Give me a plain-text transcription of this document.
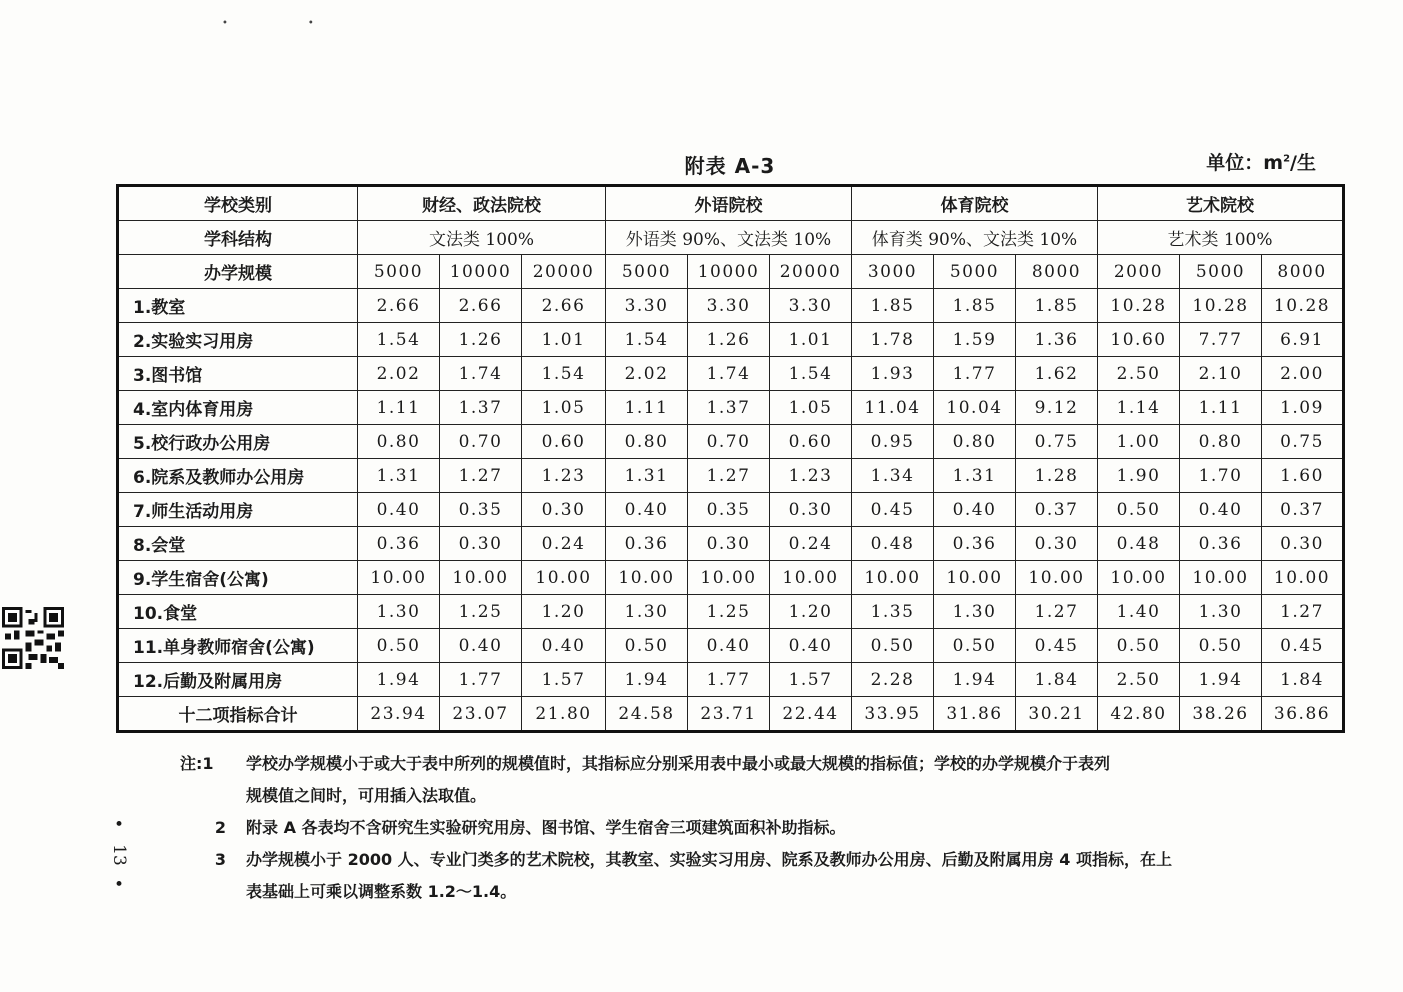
•	•
附表 A-3	单位：$m^2/$生
学校类别	财经、政法院校			外语院校			体育院校			艺术院校		
学科结构	文法类 100%			外语类 90%、文法类 10%			体育类 90%、文法类 10%			艺术类 100%		
办学规模	5000	10000	20000	5000	10000	20000	3000	5000	8000	2000	5000	8000
1.教室	2.66	2.66	2.66	3.30	3.30	3.30	1.85	1.85	1.85	10.28	10.28	10.28
2.实验实习用房	1.54	1.26	1.01	1.54	1.26	1.01	1.78	1.59	1.36	10.60	7.77	6.91
3.图书馆	2.02	1.74	1.54	2.02	1.74	1.54	1.93	1.77	1.62	2.50	2.10	2.00
4.室内体育用房	1.11	1.37	1.05	1.11	1.37	1.05	11.04	10.04	9.12	1.14	1.11	1.09
5.校行政办公用房	0.80	0.70	0.60	0.80	0.70	0.60	0.95	0.80	0.75	1.00	0.80	0.75
6.院系及教师办公用房	1.31	1.27	1.23	1.31	1.27	1.23	1.34	1.31	1.28	1.90	1.70	1.60
7.师生活动用房	0.40	0.35	0.30	0.40	0.35	0.30	0.45	0.40	0.37	0.50	0.40	0.37
8.会堂	0.36	0.30	0.24	0.36	0.30	0.24	0.48	0.36	0.30	0.48	0.36	0.30
9.学生宿舍(公寓)	10.00	10.00	10.00	10.00	10.00	10.00	10.00	10.00	10.00	10.00	10.00	10.00
10.食堂	1.30	1.25	1.20	1.30	1.25	1.20	1.35	1.30	1.27	1.40	1.30	1.27
11.单身教师宿舍(公寓)	0.50	0.40	0.40	0.50	0.40	0.40	0.50	0.50	0.45	0.50	0.50	0.45
12.后勤及附属用房	1.94	1.77	1.57	1.94	1.77	1.57	2.28	1.94	1.84	2.50	1.94	1.84
十二项指标合计	23.94	23.07	21.80	24.58	23.71	22.44	33.95	31.86	30.21	42.80	38.26	36.86
注:1	学校办学规模小于或大于表中所列的规模值时，其指标应分别采用表中最小或最大规模的指标值；学校的办学规模介于表列
规模值之间时，可用插入法取值。
2 附录 A 各表均不含研究生实验研究用房、图书馆、学生宿舍三项建筑面积补助指标。
3 办学规模小于 2000 人、专业门类多的艺术院校，其教室、实验实习用房、院系及教师办公用房、后勤及附属用房 4 项指标，在上
表基础上可乘以调整系数 1.2～1.4。
•
13
•
